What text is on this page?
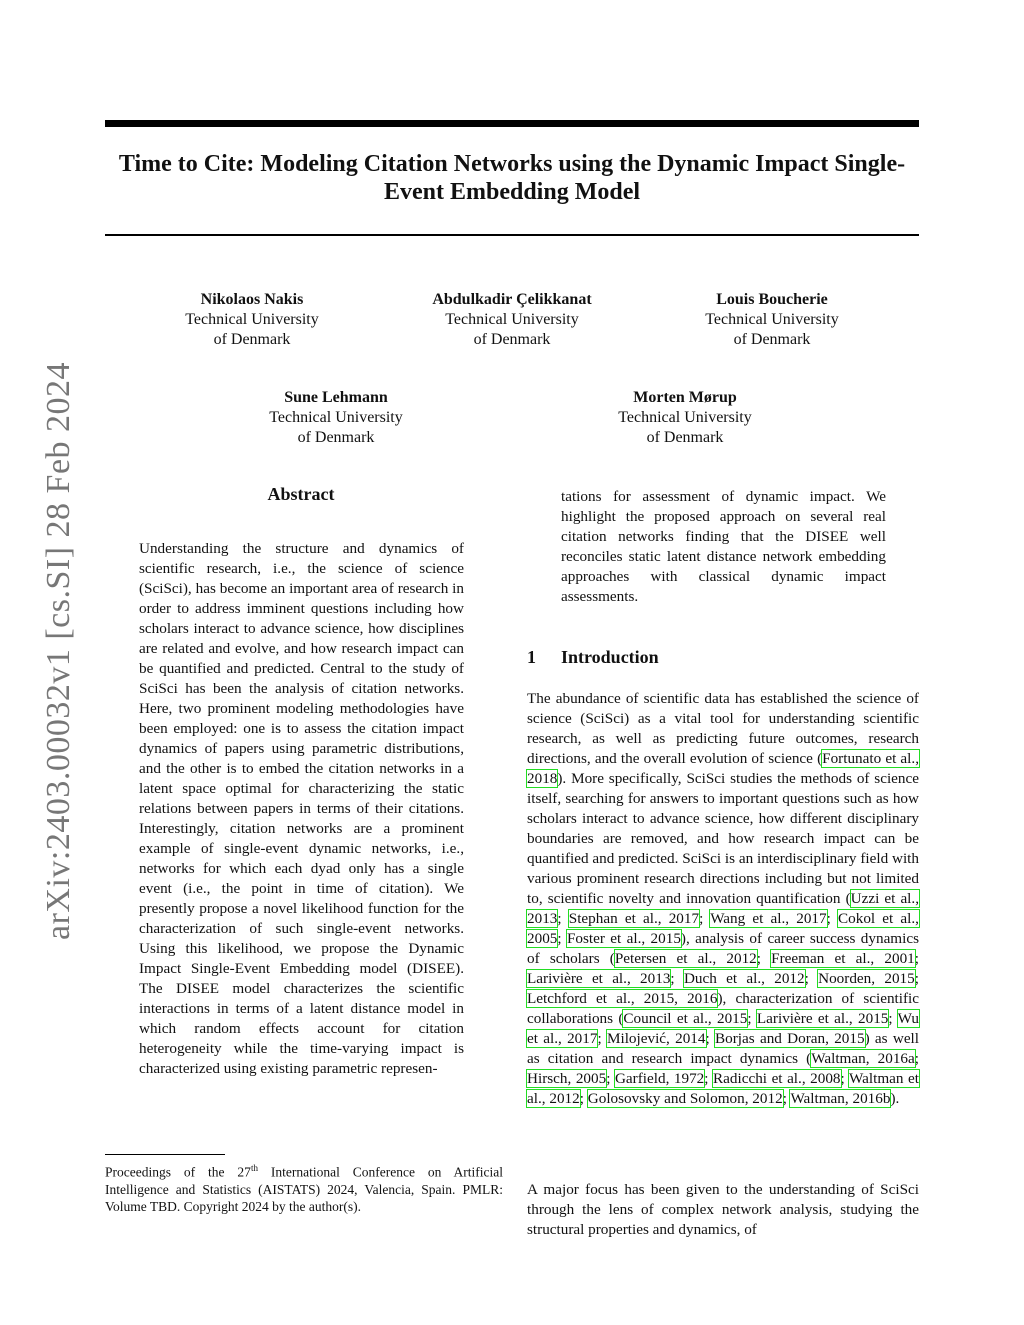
Time to Cite: Modeling Citation Networks using the Dynamic Impact Single-Event Embedding Model
Nikolaos Nakis
Technical University
of Denmark
Abdulkadir Çelikkanat
Technical University
of Denmark
Louis Boucherie
Technical University
of Denmark
Sune Lehmann
Technical University
of Denmark
Morten Mørup
Technical University
of Denmark
arXiv:2403.00032v1 [cs.SI] 28 Feb 2024	Abstract

Understanding the structure and dynamics of scientific research, i.e., the science of science (SciSci), has become an important area of research in order to address imminent questions including how scholars interact to advance science, how disciplines are related and evolve, and how research impact can be quantified and predicted. Central to the study of SciSci has been the analysis of citation networks. Here, two prominent modeling methodologies have been employed: one is to assess the citation impact dynamics of papers using parametric distributions, and the other is to embed the citation networks in a latent space optimal for characterizing the static relations between papers in terms of their citations. Interestingly, citation networks are a prominent example of single-event dynamic networks, i.e., networks for which each dyad only has a single event (i.e., the point in time of citation). We presently propose a novel likelihood function for the characterization of such single-event networks. Using this likelihood, we propose the Dynamic Impact Single-Event Embedding model (DISEE). The DISEE model characterizes the scientific interactions in terms of a latent distance model in which random effects account for citation heterogeneity while the time-varying impact is characterized using existing parametric represen-

tations for assessment of dynamic impact. We highlight the proposed approach on several real citation networks finding that the DISEE well reconciles static latent distance network embedding approaches with classical dynamic impact assessments.

Proceedings of the 27th International Conference on Artificial Intelligence and Statistics (AISTATS) 2024, Valencia, Spain. PMLR: Volume TBD. Copyright 2024 by the author(s).

1 Introduction

The abundance of scientific data has established the science of science (SciSci) as a vital tool for understanding scientific research, as well as predicting future outcomes, research directions, and the overall evolution of science (Fortunato et al., 2018). More specifically, SciSci studies the methods of science itself, searching for answers to important questions such as how scholars interact to advance science, how different disciplinary boundaries are removed, and how research impact can be quantified and predicted. SciSci is an interdisciplinary field with various prominent research directions including but not limited to, scientific novelty and innovation quantification (Uzzi et al., 2013; Stephan et al., 2017; Wang et al., 2017; Cokol et al., 2005; Foster et al., 2015), analysis of career success dynamics of scholars (Petersen et al., 2012; Freeman et al., 2001; Larivière et al., 2013; Duch et al., 2012; Noorden, 2015; Letchford et al., 2015, 2016), characterization of scientific collaborations (Council et al., 2015; Larivière et al., 2015; Wu et al., 2017; Milojević, 2014; Borjas and Doran, 2015) as well as citation and research impact dynamics (Waltman, 2016a; Hirsch, 2005; Garfield, 1972; Radicchi et al., 2008; Waltman et al., 2012; Golosovsky and Solomon, 2012; Waltman, 2016b).

A major focus has been given to the understanding of SciSci through the lens of complex network analysis, studying the structural properties and dynamics, of
